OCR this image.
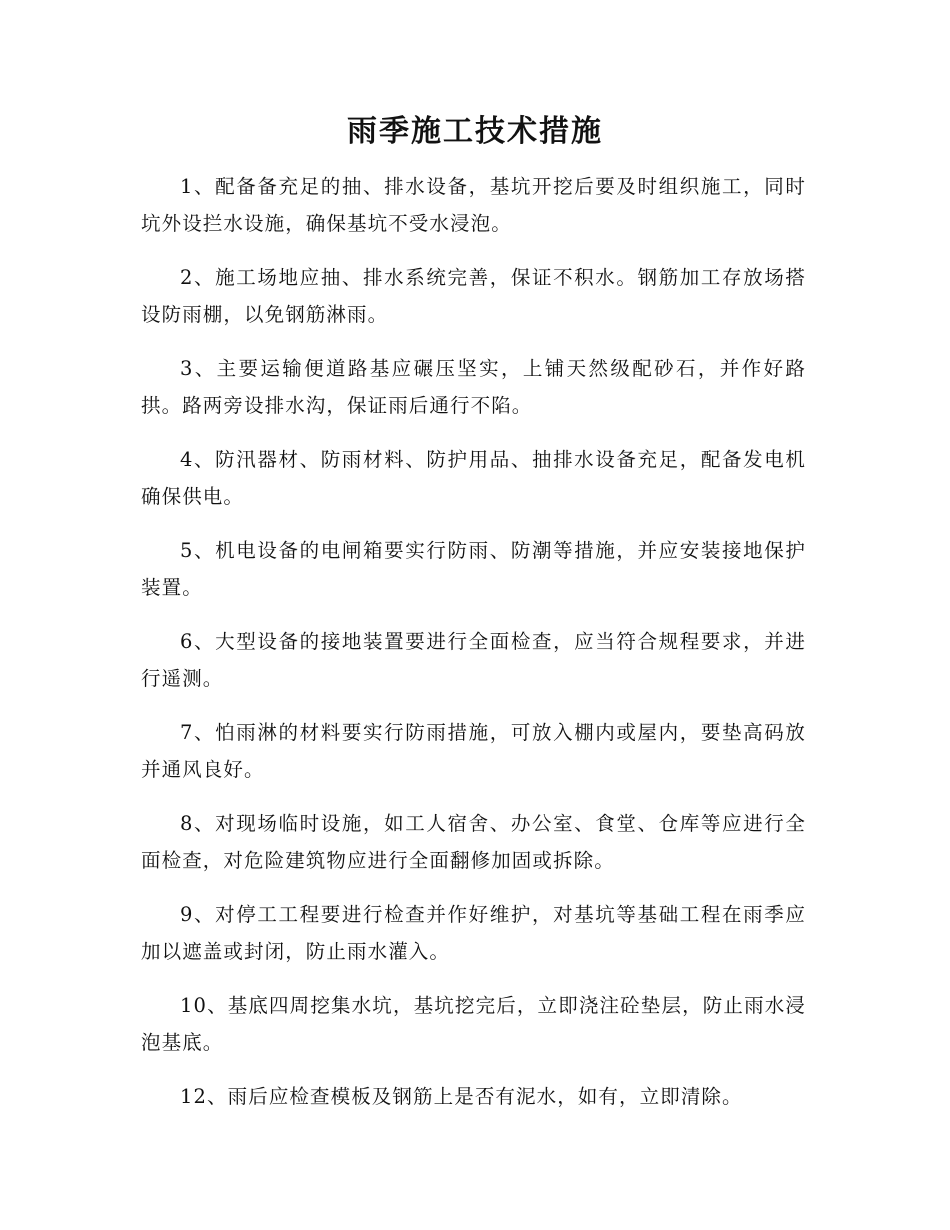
雨季施工技术措施

1、配备备充足的抽、排水设备，基坑开挖后要及时组织施工，同时坑外设拦水设施，确保基坑不受水浸泡。

2、施工场地应抽、排水系统完善，保证不积水。钢筋加工存放场搭设防雨棚，以免钢筋淋雨。

3、主要运输便道路基应碾压坚实，上铺天然级配砂石，并作好路拱。路两旁设排水沟，保证雨后通行不陷。

4、防汛器材、防雨材料、防护用品、抽排水设备充足，配备发电机确保供电。

5、机电设备的电闸箱要实行防雨、防潮等措施，并应安装接地保护装置。

6、大型设备的接地装置要进行全面检查，应当符合规程要求，并进行遥测。

7、怕雨淋的材料要实行防雨措施，可放入棚内或屋内，要垫高码放并通风良好。

8、对现场临时设施，如工人宿舍、办公室、食堂、仓库等应进行全面检查，对危险建筑物应进行全面翻修加固或拆除。

9、对停工工程要进行检查并作好维护，对基坑等基础工程在雨季应加以遮盖或封闭，防止雨水灌入。

10、基底四周挖集水坑，基坑挖完后，立即浇注砼垫层，防止雨水浸泡基底。

12、雨后应检查模板及钢筋上是否有泥水，如有，立即清除。
